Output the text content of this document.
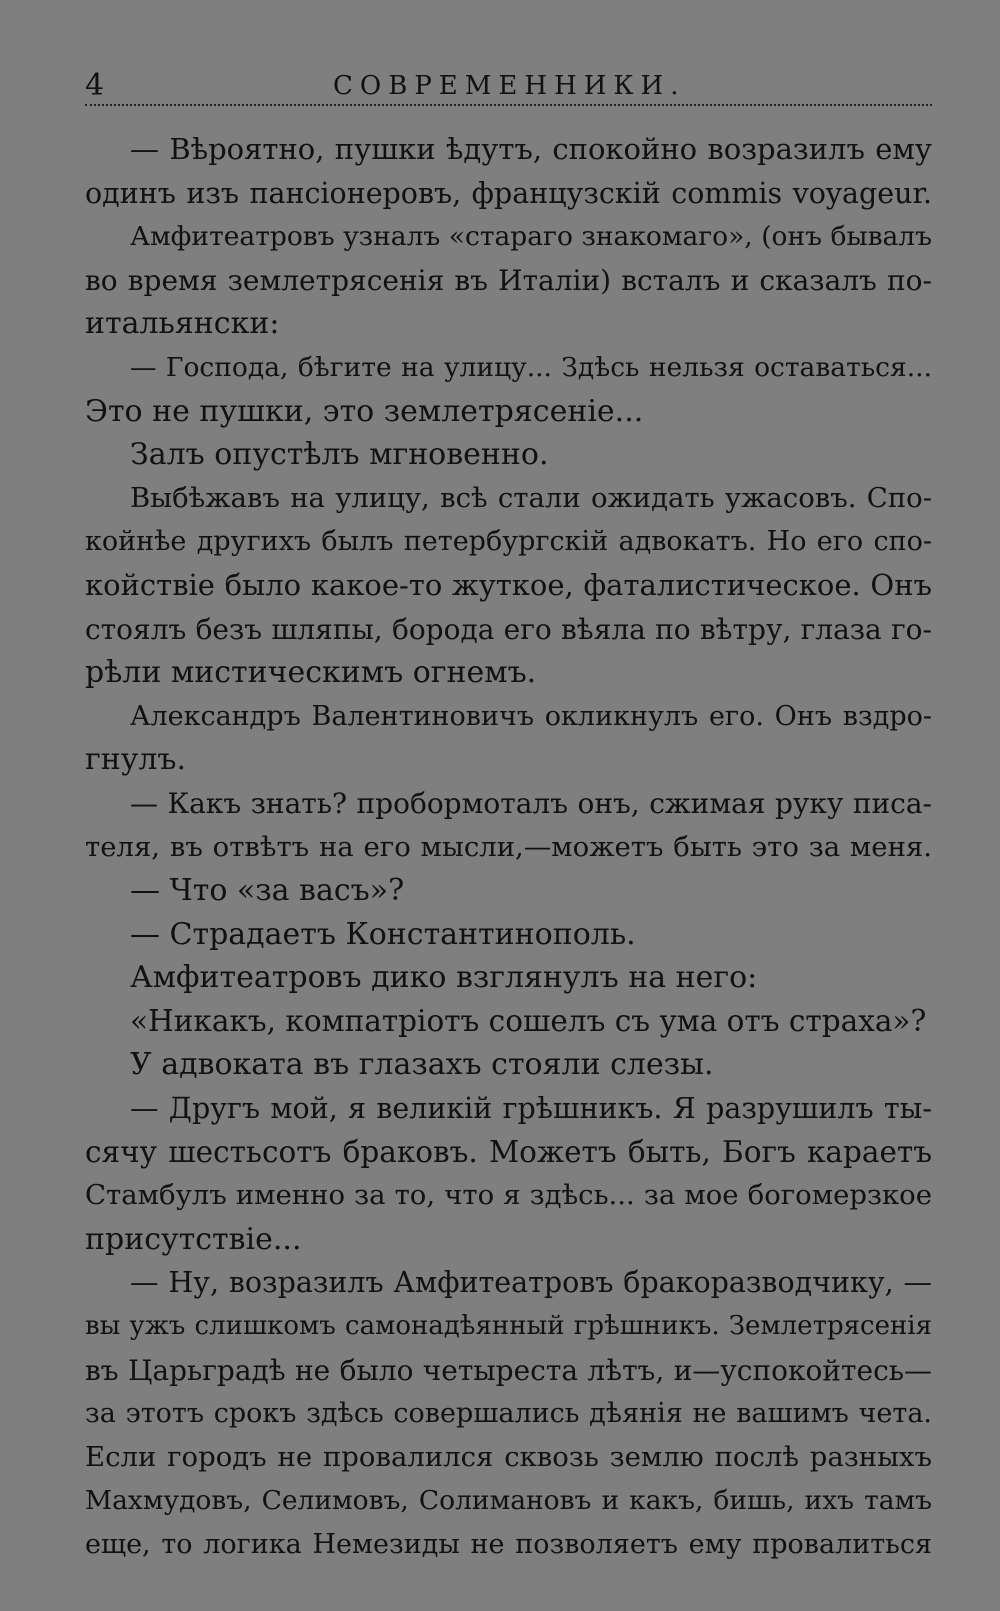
4	СОВРЕМЕННИКИ.
— Вѣроятно, пушки ѣдутъ, спокойно возразилъ ему
одинъ изъ пансіонеровъ, французскій commis voyageur.
Амфитеатровъ узналъ «стараго знакомаго», (онъ бывалъ
во время землетрясенія въ Италіи) всталъ и сказалъ по-
итальянски:
— Господа, бѣгите на улицу... Здѣсь нельзя оставаться...
Это не пушки, это землетрясеніе...
Залъ опустѣлъ мгновенно.
Выбѣжавъ на улицу, всѣ стали ожидать ужасовъ. Спо-
койнѣе другихъ былъ петербургскій адвокатъ. Но его спо-
койствіе было какое-то жуткое, фаталистическое. Онъ
стоялъ безъ шляпы, борода его вѣяла по вѣтру, глаза го-
рѣли мистическимъ огнемъ.
Александръ Валентиновичъ окликнулъ его. Онъ вздро-
гнулъ.
— Какъ знать? пробормоталъ онъ, сжимая руку писа-
теля, въ отвѣтъ на его мысли,—можетъ быть это за меня.
— Что «за васъ»?
— Страдаетъ Константинополь.
Амфитеатровъ дико взглянулъ на него:
«Никакъ, компатріотъ сошелъ съ ума отъ страха»?
У адвоката въ глазахъ стояли слезы.
— Другъ мой, я великій грѣшникъ. Я разрушилъ ты-
сячу шестьсотъ браковъ. Можетъ быть, Богъ караетъ
Стамбулъ именно за то, что я здѣсь... за мое богомерзкое
присутствіе...
— Ну, возразилъ Амфитеатровъ бракоразводчику, —
вы ужъ слишкомъ самонадѣянный грѣшникъ. Землетрясенія
въ Царьградѣ не было четыреста лѣтъ, и—успокойтесь—
за этотъ срокъ здѣсь совершались дѣянія не вашимъ чета.
Если городъ не провалился сквозь землю послѣ разныхъ
Махмудовъ, Селимовъ, Солимановъ и какъ, бишь, ихъ тамъ
еще, то логика Немезиды не позволяетъ ему провалиться
